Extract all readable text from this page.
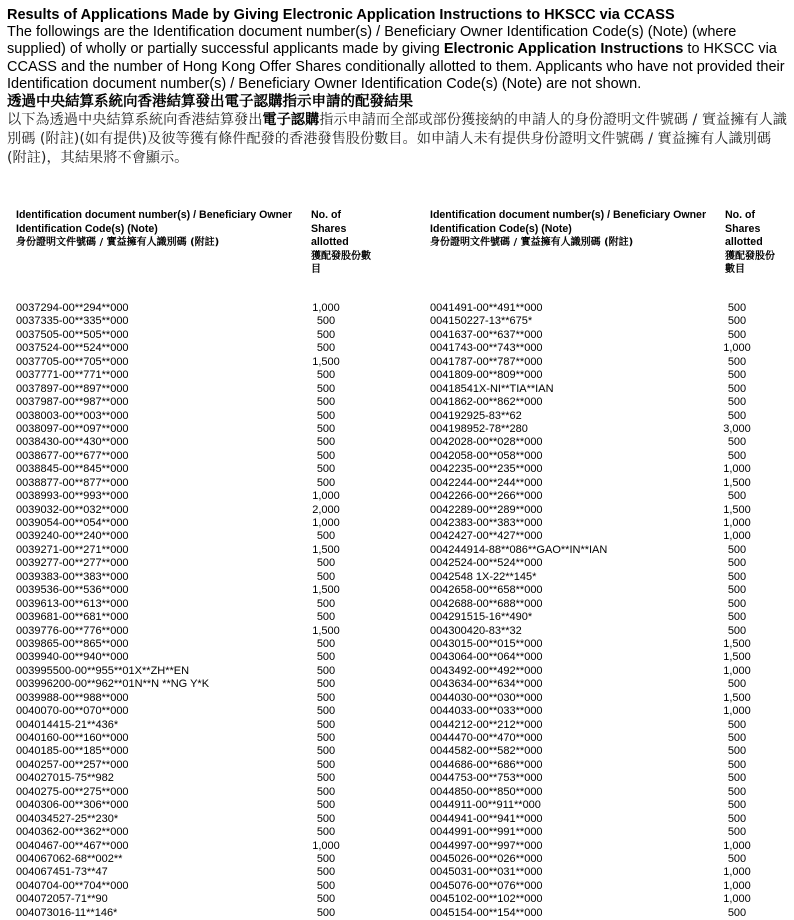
Results of Applications Made by Giving Electronic Application Instructions to HKSCC via CCASS
The followings are the Identification document number(s) / Beneficiary Owner Identification Code(s) (Note) (where supplied) of wholly or partially successful applicants made by giving Electronic Application Instructions to HKSCC via CCASS and the number of Hong Kong Offer Shares conditionally allotted to them. Applicants who have not provided their Identification document number(s) / Beneficiary Owner Identification Code(s) (Note) are not shown.
透過中央結算系統向香港結算發出電子認購指示申請的配發結果
以下為透過中央結算系統向香港結算發出電子認購指示申請而全部或部份獲接納的申請人的身份證明文件號碼 / 實益擁有人識別碼 (附註)(如有提供)及彼等獲有條件配發的香港發售股份數目。如申請人未有提供身份證明文件號碼 / 實益擁有人識別碼 (附註)，其結果將不會顯示。
Identification document number(s) / Beneficiary Owner Identification Code(s) (Note)
身份證明文件號碼 / 實益擁有人識別碼 (附註)
No. of Shares allotted
獲配發股份數目
Identification document number(s) / Beneficiary Owner Identification Code(s) (Note)
身份證明文件號碼 / 實益擁有人識別碼 (附註)
No. of Shares allotted
獲配發股份數目
0037294-00**294**000	1,000
0037335-00**335**000	500
0037505-00**505**000	500
0037524-00**524**000	500
0037705-00**705**000	1,500
0037771-00**771**000	500
0037897-00**897**000	500
0037987-00**987**000	500
0038003-00**003**000	500
0038097-00**097**000	500
0038430-00**430**000	500
0038677-00**677**000	500
0038845-00**845**000	500
0038877-00**877**000	500
0038993-00**993**000	1,000
0039032-00**032**000	2,000
0039054-00**054**000	1,000
0039240-00**240**000	500
0039271-00**271**000	1,500
0039277-00**277**000	500
0039383-00**383**000	500
0039536-00**536**000	1,500
0039613-00**613**000	500
0039681-00**681**000	500
0039776-00**776**000	1,500
0039865-00**865**000	500
0039940-00**940**000	500
003995500-00**955**01X**ZH**EN	500
003996200-00**962**01N**N **NG Y*K	500
0039988-00**988**000	500
0040070-00**070**000	500
004014415-21**436*	500
0040160-00**160**000	500
0040185-00**185**000	500
0040257-00**257**000	500
004027015-75**982	500
0040275-00**275**000	500
0040306-00**306**000	500
004034527-25**230*	500
0040362-00**362**000	500
0040467-00**467**000	1,000
004067062-68**002**	500
004067451-73**47	500
0040704-00**704**000	500
004072057-71**90	500
004073016-11**146*	500
0041491-00**491**000	500
004150227-13**675*	500
0041637-00**637**000	500
0041743-00**743**000	1,000
0041787-00**787**000	500
0041809-00**809**000	500
00418541X-NI**TIA**IAN	500
0041862-00**862**000	500
004192925-83**62	500
004198952-78**280	3,000
0042028-00**028**000	500
0042058-00**058**000	500
0042235-00**235**000	1,000
0042244-00**244**000	1,500
0042266-00**266**000	500
0042289-00**289**000	1,500
0042383-00**383**000	1,000
0042427-00**427**000	1,000
004244914-88**086**GAO**IN**IAN	500
0042524-00**524**000	500
0042548 1X-22**145*	500
0042658-00**658**000	500
0042688-00**688**000	500
004291515-16**490*	500
004300420-83**32	500
0043015-00**015**000	1,500
0043064-00**064**000	1,500
0043492-00**492**000	1,000
0043634-00**634**000	500
0044030-00**030**000	1,500
0044033-00**033**000	1,000
0044212-00**212**000	500
0044470-00**470**000	500
0044582-00**582**000	500
0044686-00**686**000	500
0044753-00**753**000	500
0044850-00**850**000	500
0044911-00**911**000	500
0044941-00**941**000	500
0044991-00**991**000	500
0044997-00**997**000	1,000
0045026-00**026**000	500
0045031-00**031**000	1,000
0045076-00**076**000	1,000
0045102-00**102**000	1,000
0045154-00**154**000	500
